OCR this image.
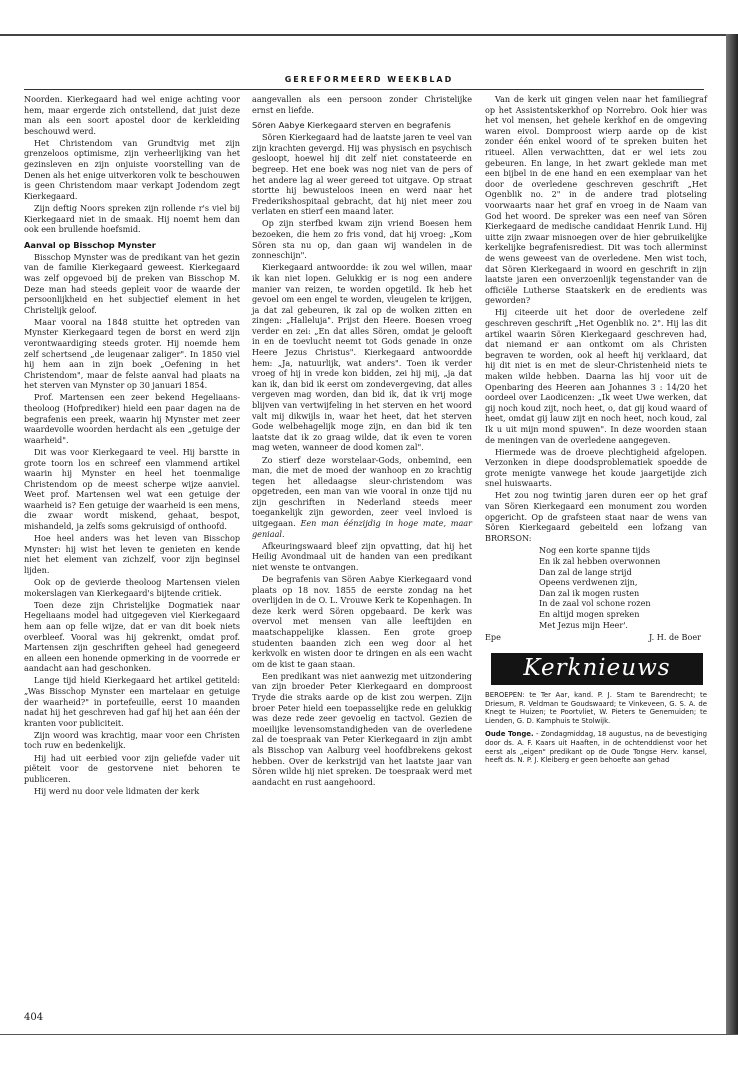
GEREFORMEERD WEEKBLAD

Noorden. Kierkegaard had wel enige achting voor hem, maar ergerde zich ontstellend, dat juist deze man als een soort apostel door de kerkleiding beschouwd werd.

Het Christendom van Grundtvig met zijn grenzeloos optimisme, zijn verheerlijking van het gezinsleven en zijn onjuiste voorstelling van de Denen als het enige uitverkoren volk te beschouwen is geen Christendom maar verkapt Jodendom zegt Kierkegaard.

Zijn deftig Noors spreken zijn rollende r's viel bij Kierkegaard niet in de smaak. Hij noemt hem dan ook een brullende hoefsmid.

Aanval op Bisschop Mynster

Bisschop Mynster was de predikant van het gezin van de familie Kierkegaard geweest. Kierkegaard was zelf opgevoed bij de preken van Bisschop M. Deze man had steeds gepleit voor de waarde der persoonlijkheid en het subjectief element in het Christelijk geloof.

Maar vooral na 1848 stuitte het optreden van Mynster Kierkegaard tegen de borst en werd zijn verontwaardiging steeds groter. Hij noemde hem zelf schertsend „de leugenaar zaliger". In 1850 viel hij hem aan in zijn boek „Oefening in het Christendom", maar de felste aanval had plaats na het sterven van Mynster op 30 januari 1854.

Prof. Martensen een zeer bekend Hegeliaans-theoloog (Hofprediker) hield een paar dagen na de begrafenis een preek, waarin hij Mynster met zeer waardevolle woorden herdacht als een „getuige der waarheid".

Dit was voor Kierkegaard te veel. Hij barstte in grote toorn los en schreef een vlammend artikel waarin hij Mynster en heel het toenmalige Christendom op de meest scherpe wijze aanviel. Weet prof. Martensen wel wat een getuige der waarheid is? Een getuige der waarheid is een mens, die zwaar wordt miskend, gehaat, bespot, mishandeld, ja zelfs soms gekruisigd of onthoofd.

Hoe heel anders was het leven van Bisschop Mynster: hij wist het leven te genieten en kende niet het element van zichzelf, voor zijn beginsel lijden.

Ook op de gevierde theoloog Martensen vielen mokerslagen van Kierkegaard's bijtende critiek.

Toen deze zijn Christelijke Dogmatiek naar Hegeliaans model had uitgegeven viel Kierkegaard hem aan op felle wijze, dat er van dit boek niets overbleef. Vooral was hij gekrenkt, omdat prof. Martensen zijn geschriften geheel had genegeerd en alleen een honende opmerking in de voorrede er aandacht aan had geschonken.

Lange tijd hield Kierkegaard het artikel getiteld: „Was Bisschop Mynster een martelaar en getuige der waarheid?" in portefeuille, eerst 10 maanden nadat hij het geschreven had gaf hij het aan één der kranten voor publiciteit.

Zijn woord was krachtig, maar voor een Christen toch ruw en bedenkelijk.

Hij had uit eerbied voor zijn geliefde vader uit piëteit voor de gestorvene niet behoren te publiceren.

Hij werd nu door vele lidmaten der kerk

aangevallen als een persoon zonder Christelijke ernst en liefde.

Sören Aabye Kierkegaard sterven en begrafenis

Sören Kierkegaard had de laatste jaren te veel van zijn krachten gevergd. Hij was physisch en psychisch gesloopt, hoewel hij dit zelf niet constateerde en begreep. Het ene boek was nog niet van de pers of het andere lag al weer gereed tot uitgave. Op straat stortte hij bewusteloos ineen en werd naar het Frederikshospitaal gebracht, dat hij niet meer zou verlaten en stierf een maand later.

Op zijn sterfbed kwam zijn vriend Boesen hem bezoeken, die hem zo fris vond, dat hij vroeg: „Kom Sören sta nu op, dan gaan wij wandelen in de zonneschijn".

Kierkegaard antwoordde: ik zou wel willen, maar ik kan niet lopen. Gelukkig er is nog een andere manier van reizen, te worden opgetild. Ik heb het gevoel om een engel te worden, vleugelen te krijgen, ja dat zal gebeuren, ik zal op de wolken zitten en zingen: „Halleluja". Prijst den Heere. Boesen vroeg verder en zei: „En dat alles Sören, omdat je gelooft in en de toevlucht neemt tot Gods genade in onze Heere Jezus Christus". Kierkegaard antwoordde hem: „Ja, natuurlijk, wat anders". Toen ik verder vroeg of hij in vrede kon bidden, zei hij mij, „ja dat kan ik, dan bid ik eerst om zondevergeving, dat alles vergeven mag worden, dan bid ik, dat ik vrij moge blijven van vertwijfeling in het sterven en het woord valt mij dikwijls in, waar het heet, dat het sterven Gode welbehagelijk moge zijn, en dan bid ik ten laatste dat ik zo graag wilde, dat ik even te voren mag weten, wanneer de dood komen zal".

Zo stierf deze worstelaar-Gods, onbemind, een man, die met de moed der wanhoop en zo krachtig tegen het alledaagse sleur-christendom was opgetreden, een man van wie vooral in onze tijd nu zijn geschriften in Nederland steeds meer toegankelijk zijn geworden, zeer veel invloed is uitgegaan. Een man éénzijdig in hoge mate, maar geniaal.

Afkeuringswaard bleef zijn opvatting, dat hij het Heilig Avondmaal uit de handen van een predikant niet wenste te ontvangen.

De begrafenis van Sören Aabye Kierkegaard vond plaats op 18 nov. 1855 de eerste zondag na het overlijden in de O. L. Vrouwe Kerk te Kopenhagen. In deze kerk werd Sören opgebaard. De kerk was overvol met mensen van alle leeftijden en maatschappelijke klassen. Een grote groep studenten baanden zich een weg door al het kerkvolk en wisten door te dringen en als een wacht om de kist te gaan staan.

Een predikant was niet aanwezig met uitzondering van zijn broeder Peter Kierkegaard en domproost Tryde die straks aarde op de kist zou werpen. Zijn broer Peter hield een toepasselijke rede en gelukkig was deze rede zeer gevoelig en tactvol. Gezien de moeilijke levensomstandigheden van de overledene zal de toespraak van Peter Kierkegaard in zijn ambt als Bisschop van Aalburg veel hoofdbrekens gekost hebben. Over de kerkstrijd van het laatste jaar van Sören wilde hij niet spreken. De toespraak werd met aandacht en rust aangehoord.

Van de kerk uit gingen velen naar het familiegraf op het Assistentskerkhof op Norrebro. Ook hier was het vol mensen, het gehele kerkhof en de omgeving waren eivol. Domproost wierp aarde op de kist zonder één enkel woord of te spreken buiten het ritueel. Allen verwachtten, dat er wel iets zou gebeuren. En lange, in het zwart geklede man met een bijbel in de ene hand en een exemplaar van het door de overledene geschreven geschrift „Het Ogenblik no. 2" in de andere trad plotseling voorwaarts naar het graf en vroeg in de Naam van God het woord. De spreker was een neef van Sören Kierkegaard de medische candidaat Henrik Lund. Hij uitte zijn zwaar misnoegen over de hier gebruikelijke kerkelijke begrafenisrediest. Dit was toch allerminst de wens geweest van de overledene. Men wist toch, dat Sören Kierkegaard in woord en geschrift in zijn laatste jaren een onverzoenlijk tegenstander van de officiële Lutherse Staatskerk en de eredients was geworden?

Hij citeerde uit het door de overledene zelf geschreven geschrift „Het Ogenblik no. 2". Hij las dit artikel waarin Sören Kierkegaard geschreven had, dat niemand er aan ontkomt om als Christen begraven te worden, ook al heeft hij verklaard, dat hij dit niet is en met de sleur-Christenheid niets te maken wilde hebben. Daarna las hij voor uit de Openbaring des Heeren aan Johannes 3 : 14/20 het oordeel over Laodicenzen: „Ik weet Uwe werken, dat gij noch koud zijt, noch heet, o, dat gij koud waard of heet, omdat gij lauw zijt en noch heet, noch koud, zal Ik u uit mijn mond spuwen". In deze woorden staan de meningen van de overledene aangegeven.

Hiermede was de droeve plechtigheid afgelopen. Verzonken in diepe doodsproblematiek spoedde de grote menigte vanwege het koude jaargetijde zich snel huiswaarts.

Het zou nog twintig jaren duren eer op het graf van Sören Kierkegaard een monument zou worden opgericht. Op de grafsteen staat naar de wens van Sören Kierkegaard gebeiteld een lofzang van BRORSON:

Nog een korte spanne tijds
En ik zal hebben overwonnen
Dan zal de lange strijd
Opeens verdwenen zijn,
Dan zal ik mogen rusten
In de zaal vol schone rozen
En altijd mogen spreken
Met Jezus mijn Heer'.
Epe	J. H. de Boer
Kerknieuws

BEROEPEN: te Ter Aar, kand. P. J. Stam te Barendrecht; te Driesum, R. Veldman te Goudswaard; te Vinkeveen, G. S. A. de Knegt te Huizen; te Poortvliet, W. Pieters te Genemuiden; te Lienden, G. D. Kamphuis te Stolwijk.

Oude Tonge. - Zondagmiddag, 18 augustus, na de bevestiging door ds. A. F. Kaars uit Haaften, in de ochtenddienst voor het eerst als „eigen" predikant op de Oude Tongse Herv. kansel, heeft ds. N. P. J. Kleiberg er geen behoefte aan gehad

404
